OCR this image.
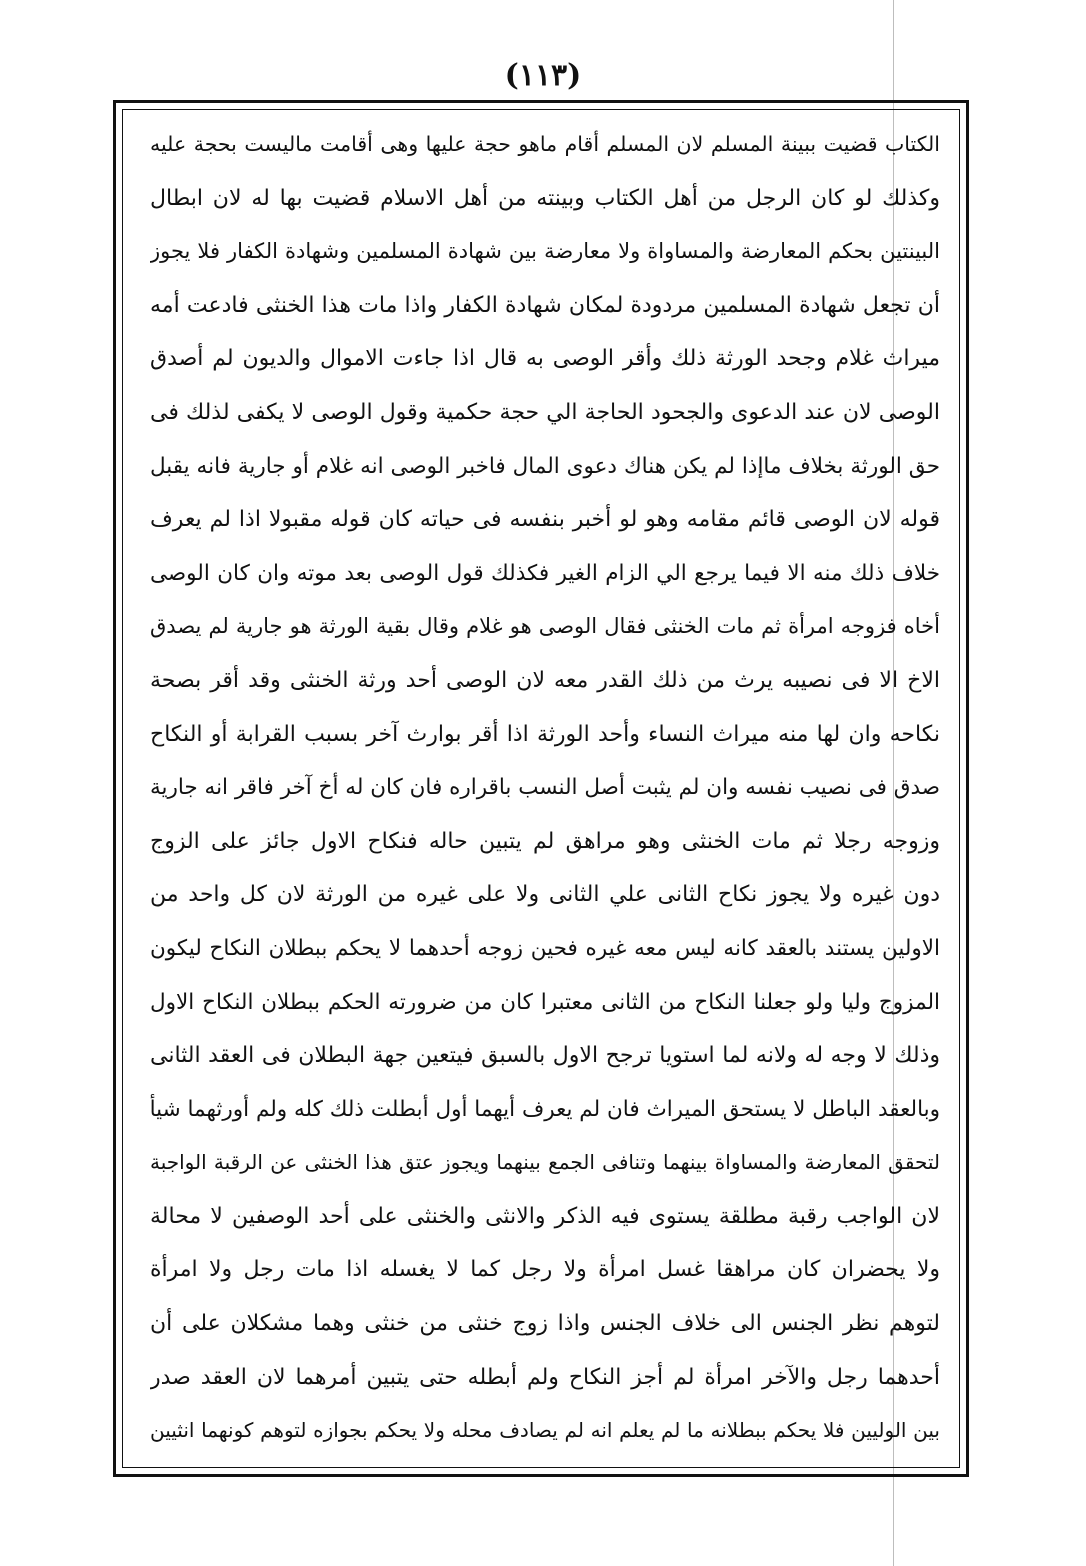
(١١٣)
الكتاب قضيت ببينة المسلم لان المسلم أقام ماهو حجة عليها وهى أقامت ماليست بحجة عليه
وكذلك لو كان الرجل من أهل الكتاب وبينته من أهل الاسلام قضيت بها له لان ابطال
البينتين بحكم المعارضة والمساواة ولا معارضة بين شهادة المسلمين وشهادة الكفار فلا يجوز
أن تجعل شهادة المسلمين مردودة لمكان شهادة الكفار واذا مات هذا الخنثى فادعت أمه
ميراث غلام وجحد الورثة ذلك وأقر الوصى به قال اذا جاءت الاموال والديون لم أصدق
الوصى لان عند الدعوى والجحود الحاجة الي حجة حكمية وقول الوصى لا يكفى لذلك فى
حق الورثة بخلاف ماإذا لم يكن هناك دعوى المال فاخبر الوصى انه غلام أو جارية فانه يقبل
قوله لان الوصى قائم مقامه وهو لو أخبر بنفسه فى حياته كان قوله مقبولا اذا لم يعرف
خلاف ذلك منه الا فيما يرجع الي الزام الغير فكذلك قول الوصى بعد موته وان كان الوصى
أخاه فزوجه امرأة ثم مات الخنثى فقال الوصى هو غلام وقال بقية الورثة هو جارية لم يصدق
الاخ الا فى نصيبه يرث من ذلك القدر معه لان الوصى أحد ورثة الخنثى وقد أقر بصحة
نكاحه وان لها منه ميراث النساء وأحد الورثة اذا أقر بوارث آخر بسبب القرابة أو النكاح
صدق فى نصيب نفسه وان لم يثبت أصل النسب باقراره فان كان له أخ آخر فاقر انه جارية
وزوجه رجلا ثم مات الخنثى وهو مراهق لم يتبين حاله فنكاح الاول جائز على الزوج
دون غيره ولا يجوز نكاح الثانى علي الثانى ولا على غيره من الورثة لان كل واحد من
الاولين يستند بالعقد كانه ليس معه غيره فحين زوجه أحدهما لا يحكم ببطلان النكاح ليكون
المزوج وليا ولو جعلنا النكاح من الثانى معتبرا كان من ضرورته الحكم ببطلان النكاح الاول
وذلك لا وجه له ولانه لما استويا ترجح الاول بالسبق فيتعين جهة البطلان فى العقد الثانى
وبالعقد الباطل لا يستحق الميراث فان لم يعرف أيهما أول أبطلت ذلك كله ولم أورثهما شيأ
لتحقق المعارضة والمساواة بينهما وتنافى الجمع بينهما ويجوز عتق هذا الخنثى عن الرقبة الواجبة
لان الواجب رقبة مطلقة يستوى فيه الذكر والانثى والخنثى على أحد الوصفين لا محالة
ولا يحضران كان مراهقا غسل امرأة ولا رجل كما لا يغسله اذا مات رجل ولا امرأة
لتوهم نظر الجنس الى خلاف الجنس واذا زوج خنثى من خنثى وهما مشكلان على أن
أحدهما رجل والآخر امرأة لم أجز النكاح ولم أبطله حتى يتبين أمرهما لان العقد صدر
بين الوليين فلا يحكم ببطلانه ما لم يعلم انه لم يصادف محله ولا يحكم بجوازه لتوهم كونهما انثيين
